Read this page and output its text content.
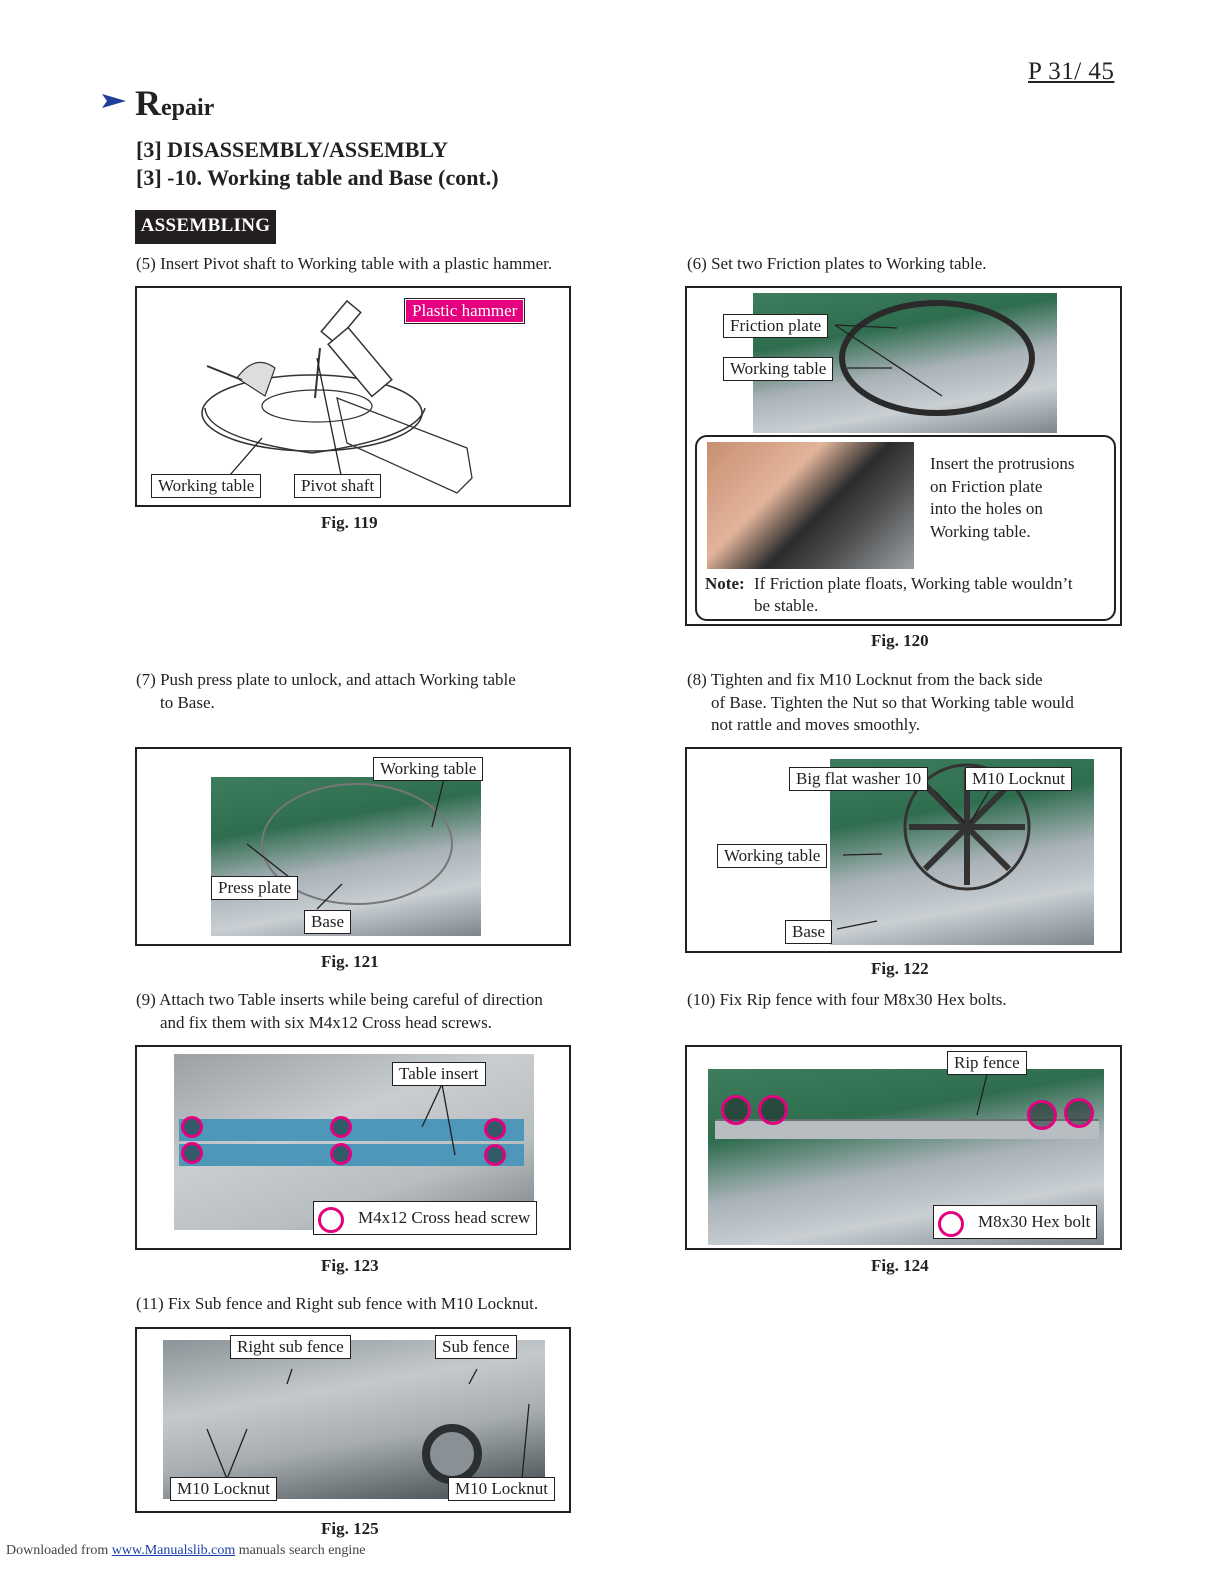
P 31/ 45
Repair
[3] DISASSEMBLY/ASSEMBLY
[3] -10. Working table and Base (cont.)
ASSEMBLING
(5) Insert Pivot shaft to Working table with a plastic hammer.
Plastic hammer
Working table	Pivot shaft
Fig. 119
(6) Set two Friction plates to Working table.
Friction plate
Working table
Insert the protrusions
on Friction plate
into the holes on
Working table.
Note: If Friction plate floats, Working table wouldn’t
be stable.
Fig. 120
(7) Push press plate to unlock, and attach Working table
to Base.
Working table
Press plate
Base
Fig. 121
(8) Tighten and fix M10 Locknut from the back side
of Base. Tighten the Nut so that Working table would
not rattle and moves smoothly.
Big flat washer 10	M10 Locknut
Working table
Base
Fig. 122
(9) Attach two Table inserts while being careful of direction
and fix them with six M4x12 Cross head screws.
Table insert
M4x12 Cross head screw
Fig. 123
(10) Fix Rip fence with four M8x30 Hex bolts.
Rip fence
M8x30 Hex bolt
Fig. 124
(11) Fix Sub fence and Right sub fence with M10 Locknut.
Right sub fence	Sub fence
M10 Locknut	M10 Locknut
Fig. 125
Downloaded from www.Manualslib.com manuals search engine
